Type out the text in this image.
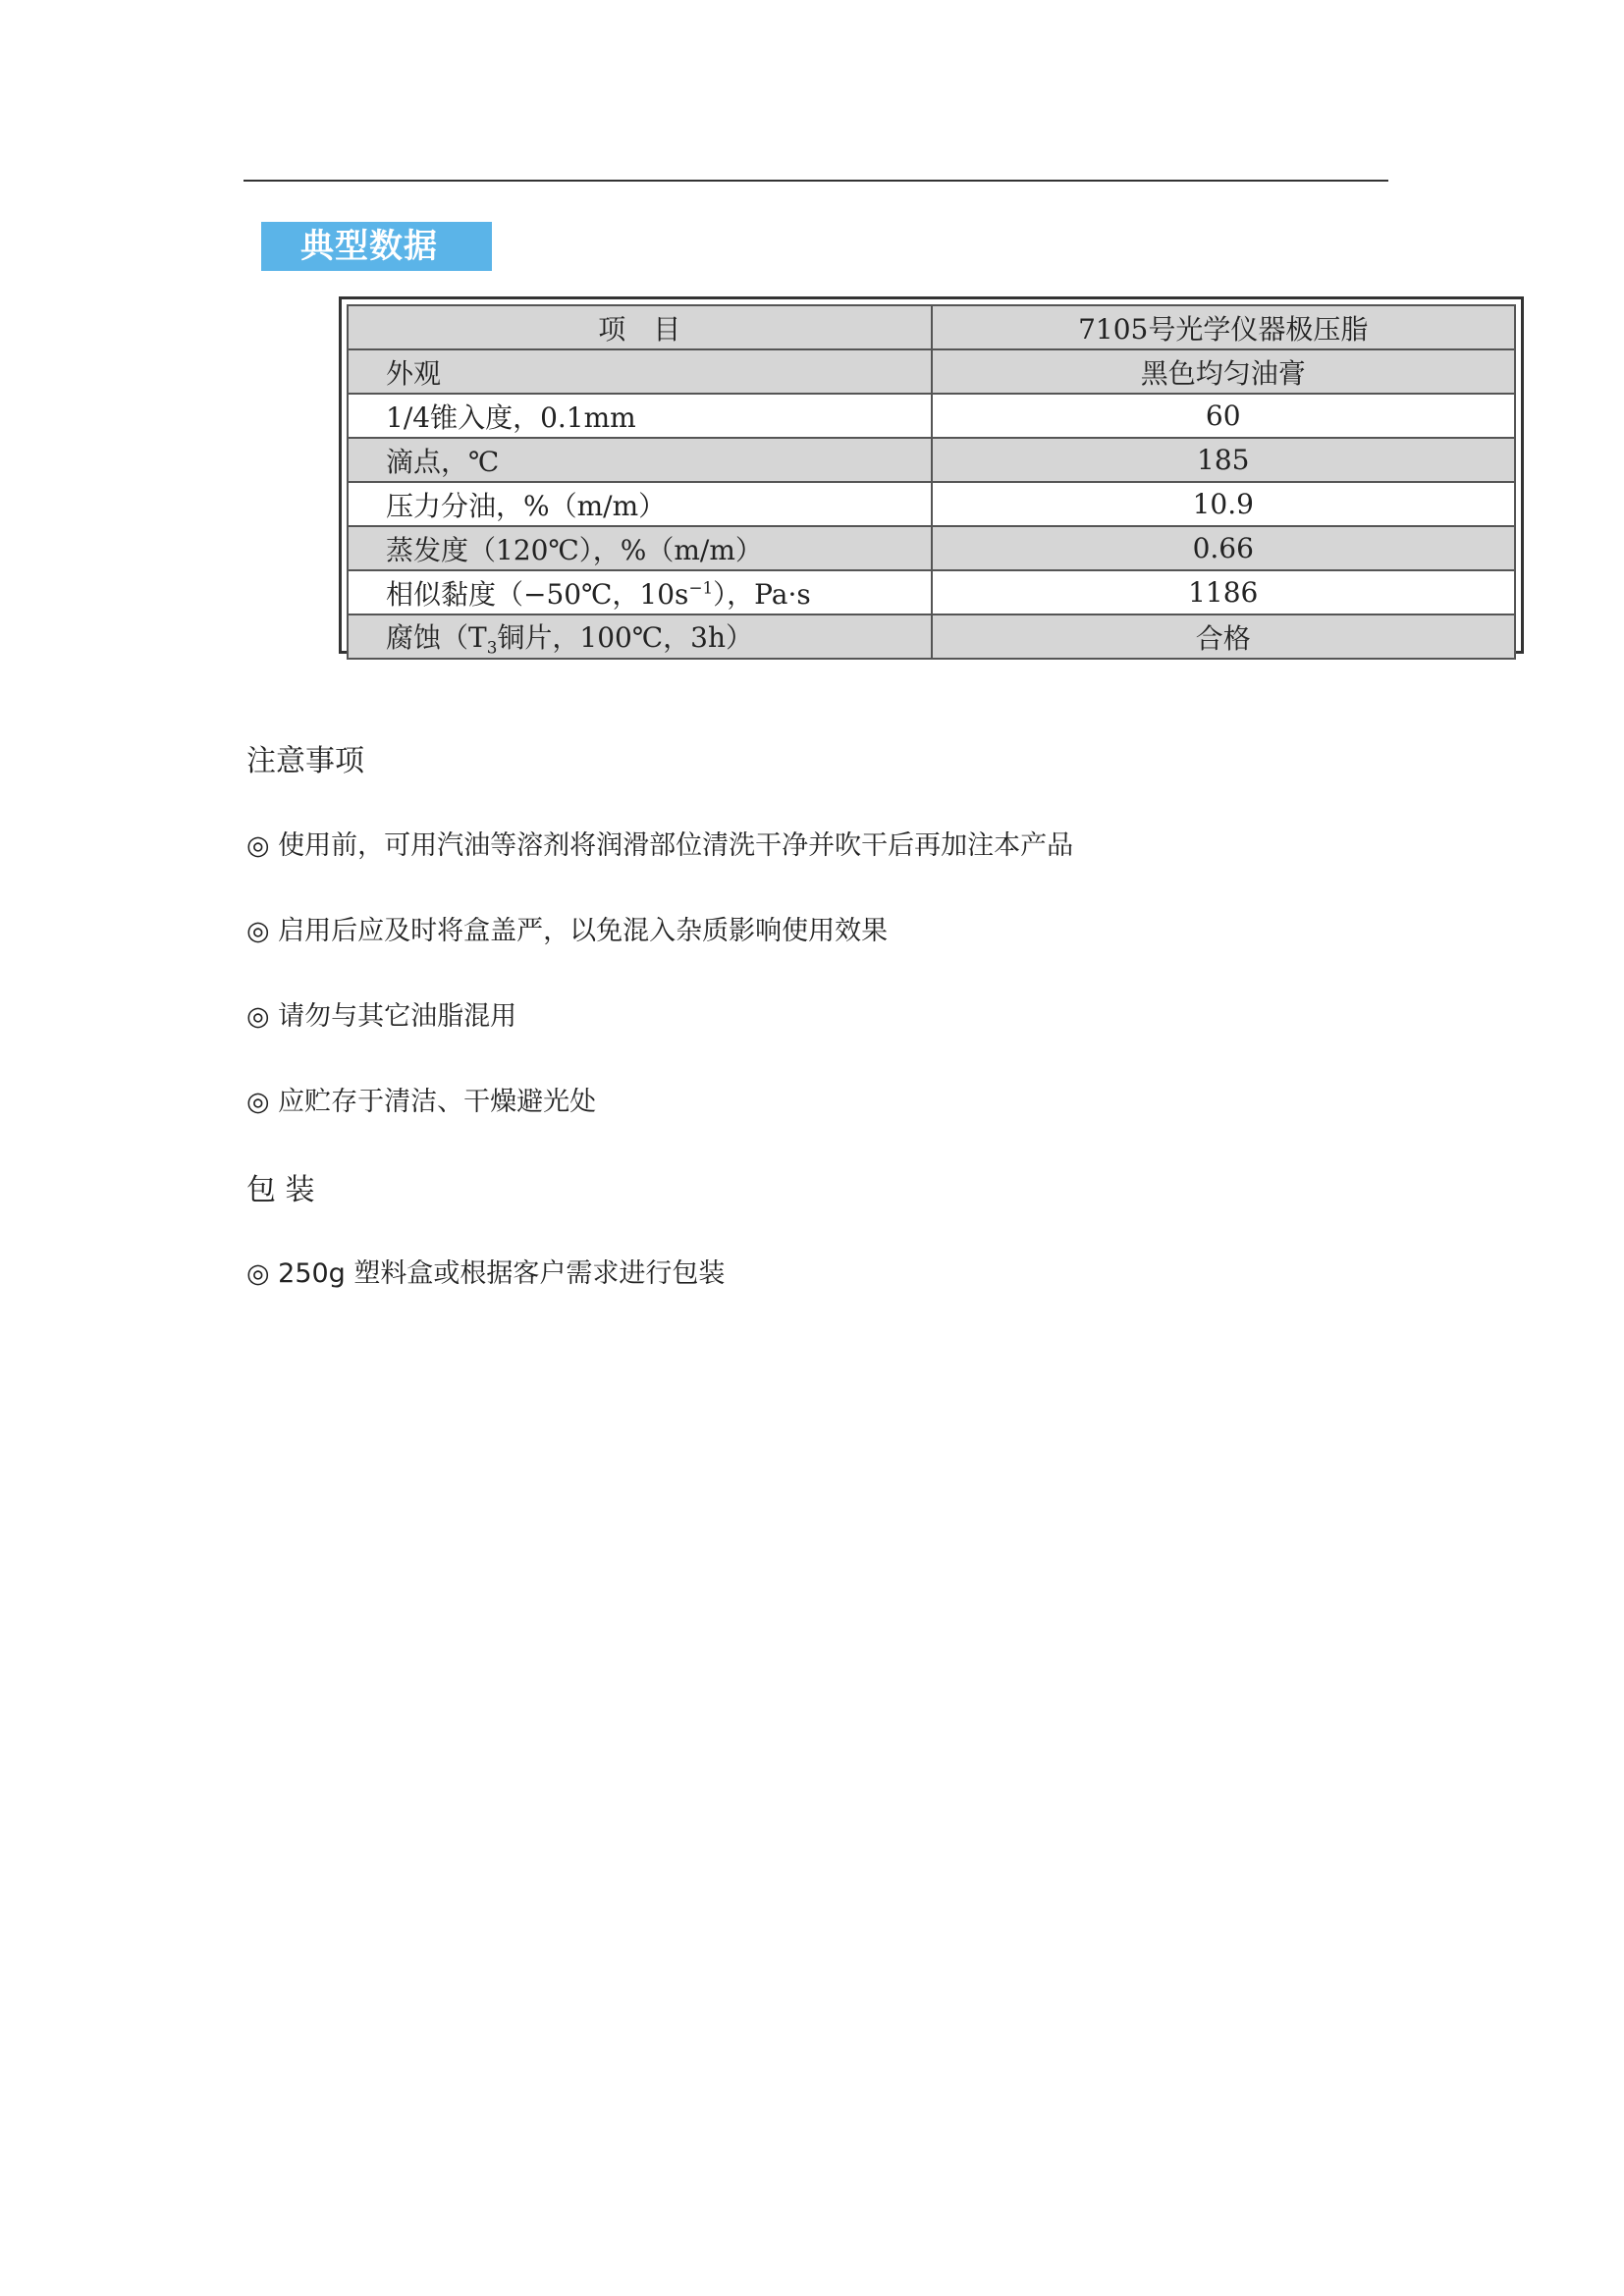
典型数据
项　目	7105号光学仪器极压脂
外观	黑色均匀油膏
1/4锥入度，0.1mm	60
滴点，℃	185
压力分油，%（m/m）	10.9
蒸发度（120℃），%（m/m）	0.66
相似黏度（−50℃，$10s^{-1}$），Pa·s	1186
腐蚀（$T_3$铜片，100℃，3h）	合格
注意事项
◎ 使用前，可用汽油等溶剂将润滑部位清洗干净并吹干后再加注本产品
◎ 启用后应及时将盒盖严，以免混入杂质影响使用效果
◎ 请勿与其它油脂混用
◎ 应贮存于清洁、干燥避光处
包 装
◎ 250g 塑料盒或根据客户需求进行包装
